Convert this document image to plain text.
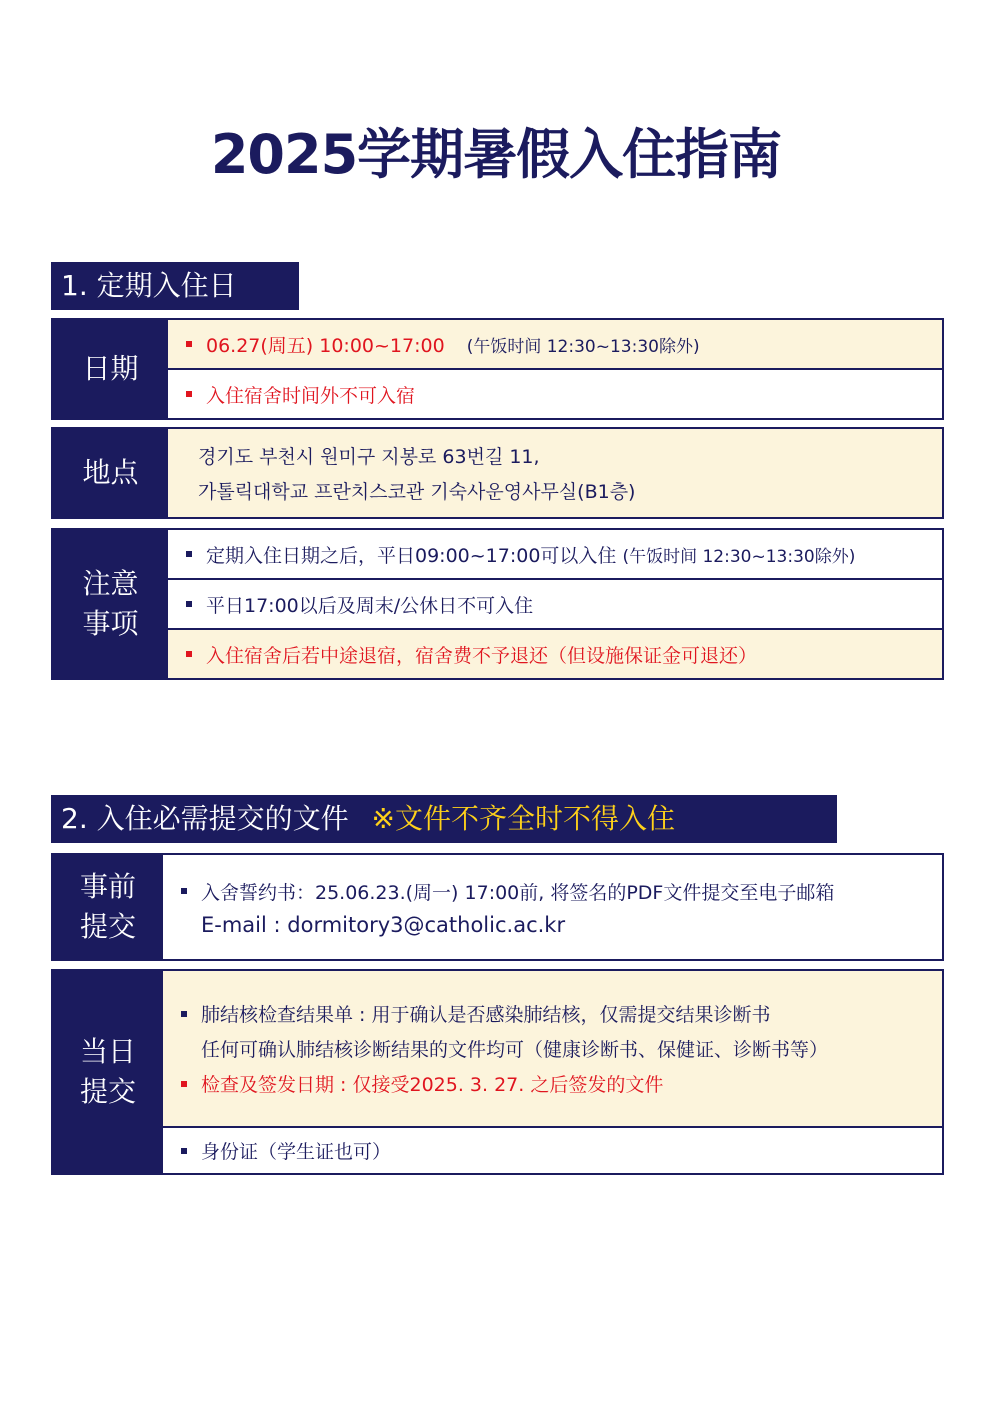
2025学期暑假入住指南
1. 定期入住日
日期
06.27(周五) 10:00~17:00 (午饭时间 12:30~13:30除外)
入住宿舍时间外不可入宿
地点	경기도 부천시 원미구 지봉로 63번길 11,
가톨릭대학교 프란치스코관 기숙사운영사무실(B1층)
注意
事项
定期入住日期之后，平日09:00~17:00可以入住 (午饭时间 12:30~13:30除外)
平日17:00以后及周末/公休日不可入住
入住宿舍后若中途退宿，宿舍费不予退还（但设施保证金可退还）
2. 入住必需提交的文件 ※文件不齐全时不得入住
事前
提交
入舍誓约书：25.06.23.(周一) 17:00前, 将签名的PDF文件提交至电子邮箱
E-mail : dormitory3@catholic.ac.kr
当日
提交
肺结核检查结果单 : 用于确认是否感染肺结核，仅需提交结果诊断书
任何可确认肺结核诊断结果的文件均可（健康诊断书、保健证、诊断书等）
检查及签发日期 : 仅接受2025. 3. 27. 之后签发的文件
身份证（学生证也可）
